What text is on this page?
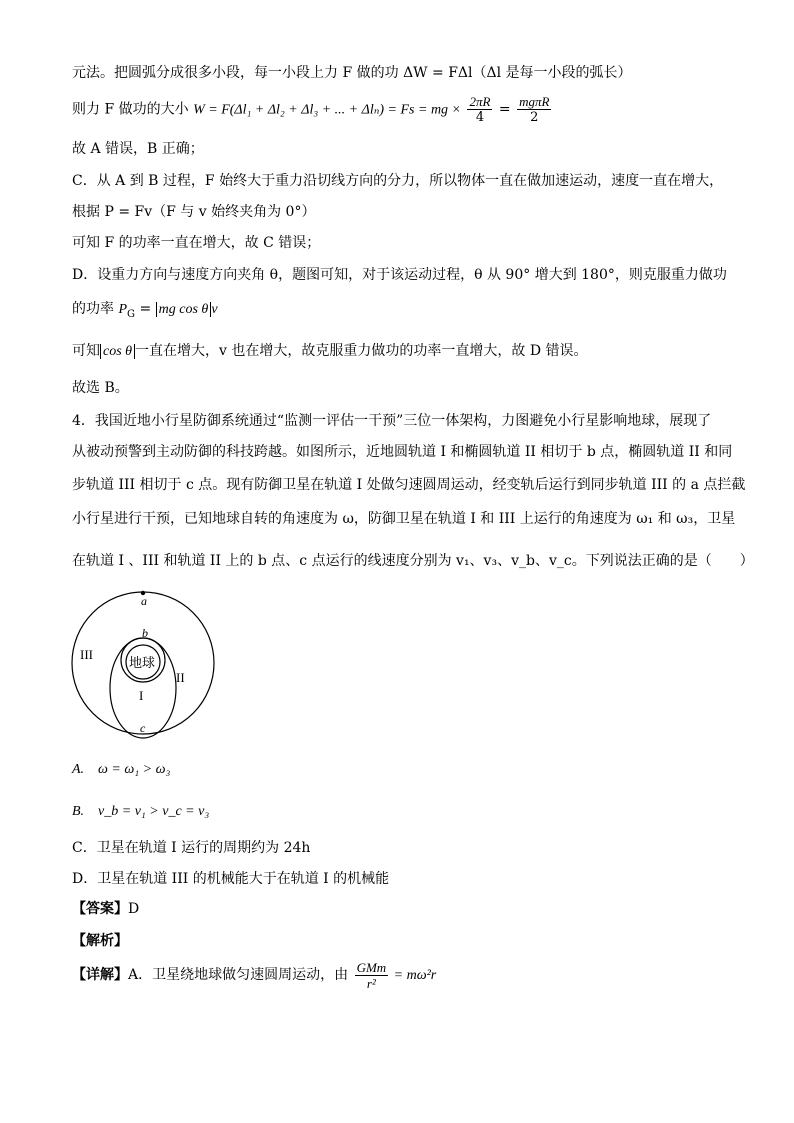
元法。把圆弧分成很多小段，每一小段上力 F 做的功 ΔW = FΔl（Δl 是每一小段的弧长）
则力 F 做功的大小 W = F(Δl₁ + Δl₂ + Δl₃ + ... + Δlₙ) = Fs = mg × $\frac{2\pi R}{4} = \frac{\text{mgπR}}{2}$
故 A 错误，B 正确；
C．从 A 到 B 过程，F 始终大于重力沿切线方向的分力，所以物体一直在做加速运动，速度一直在增大，
根据 P = Fv（F 与 v 始终夹角为 0°）
可知 F 的功率一直在增大，故 C 错误；
D．设重力方向与速度方向夹角 θ，题图可知，对于该运动过程，θ 从 90° 增大到 180°，则克服重力做功
的功率 $P_G$ = mg cos θ v
可知 cos θ 一直在增大，v 也在增大，故克服重力做功的功率一直增大，故 D 错误。
故选 B。
4．我国近地小行星防御系统通过“监测一评估一干预”三位一体架构，力图避免小行星影响地球，展现了
从被动预警到主动防御的科技跨越。如图所示，近地圆轨道 I 和椭圆轨道 II 相切于 b 点，椭圆轨道 II 和同
步轨道 III 相切于 c 点。现有防御卫星在轨道 I 处做匀速圆周运动，经变轨后运行到同步轨道 III 的 a 点拦截
小行星进行干预，已知地球自转的角速度为 ω，防御卫星在轨道 I 和 III 上运行的角速度为 ω₁ 和 ω₃，卫星
在轨道 I 、III 和轨道 II 上的 b 点、c 点运行的线速度分别为 v₁、v₃、v_b、v_c。下列说法正确的是（　　）
a
b
c
地球
I
II
III
A.　ω = ω₁ > ω₃
B.　v_b = v₁ > v_c = v₃
C．卫星在轨道 I 运行的周期约为 24h
D．卫星在轨道 III 的机械能大于在轨道 I 的机械能
【答案】D
【解析】
【详解】A．卫星绕地球做匀速圆周运动，由 $\frac{\text{GMm}}{\text{r²}} = m\omega^2r$
